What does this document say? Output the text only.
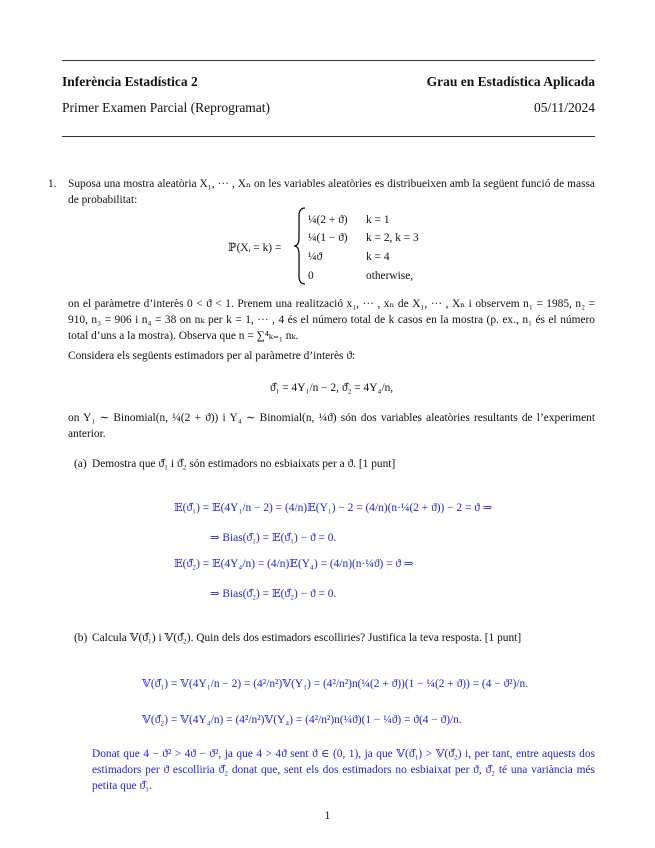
Inferència Estadística 2	Grau en Estadística Aplicada
Primer Examen Parcial (Reprogramat)	05/11/2024
1. Suposa una mostra aleatòria X₁, ··· , Xₙ on les variables aleatòries es distribueixen amb la següent funció de massa de probabilitat:
ℙ(Xᵢ = k) =
¼(2 + ϑ) k = 1
¼(1 − ϑ) k = 2, k = 3
¼ϑ	k = 4
0	otherwise,
on el paràmetre d’interès 0 < ϑ < 1. Prenem una realització x₁, ··· , xₙ de X₁, ··· , Xₙ i observem n₁ = 1985, n₂ = 910, n₃ = 906 i n₄ = 38 on nₖ per k = 1, ··· , 4 és el número total de k casos en la mostra (p. ex., n₁ és el número total d’uns a la mostra). Observa que n = ∑⁴ₖ₌₁ nₖ.
Considera els següents estimadors per al paràmetre d’interès ϑ:
ϑ̂₁ = 4Y₁/n − 2, ϑ̂₂ = 4Y₄/n,
on Y₁ ∼ Binomial(n, ¼(2 + ϑ)) i Y₄ ∼ Binomial(n, ¼ϑ) són dos variables aleatòries resultants de l’experiment anterior.
(a) Demostra que ϑ̂₁ i ϑ̂₂ són estimadors no esbiaixats per a ϑ. [1 punt]
𝔼(ϑ̂₁) = 𝔼(4Y₁/n − 2) = (4/n)𝔼(Y₁) − 2 = (4/n)(n·¼(2 + ϑ)) − 2 = ϑ ⇒
⇒ Bias(ϑ̂₁) = 𝔼(ϑ̂₁) − ϑ = 0.
𝔼(ϑ̂₂) = 𝔼(4Y₄/n) = (4/n)𝔼(Y₄) = (4/n)(n·¼ϑ) = ϑ ⇒
⇒ Bias(ϑ̂₂) = 𝔼(ϑ̂₂) − ϑ = 0.
(b) Calcula 𝕍(ϑ̂₁) i 𝕍(ϑ̂₂). Quin dels dos estimadors escolliries? Justifica la teva resposta. [1 punt]
𝕍(ϑ̂₁) = 𝕍(4Y₁/n − 2) = (4²/n²)𝕍(Y₁) = (4²/n²)n(¼(2 + ϑ))(1 − ¼(2 + ϑ)) = (4 − ϑ²)/n.
𝕍(ϑ̂₂) = 𝕍(4Y₄/n) = (4²/n²)𝕍(Y₄) = (4²/n²)n(¼ϑ)(1 − ¼ϑ) = ϑ(4 − ϑ)/n.
Donat que 4 − ϑ² > 4ϑ − ϑ², ja que 4 > 4ϑ sent ϑ ∈ (0, 1), ja que 𝕍(ϑ̂₁) > 𝕍(ϑ̂₂) i, per tant, entre aquests dos estimadors per ϑ escolliria ϑ̂₂ donat que, sent els dos estimadors no esbiaixat per ϑ, ϑ̂₂ té una variància més petita que ϑ̂₁.
1
